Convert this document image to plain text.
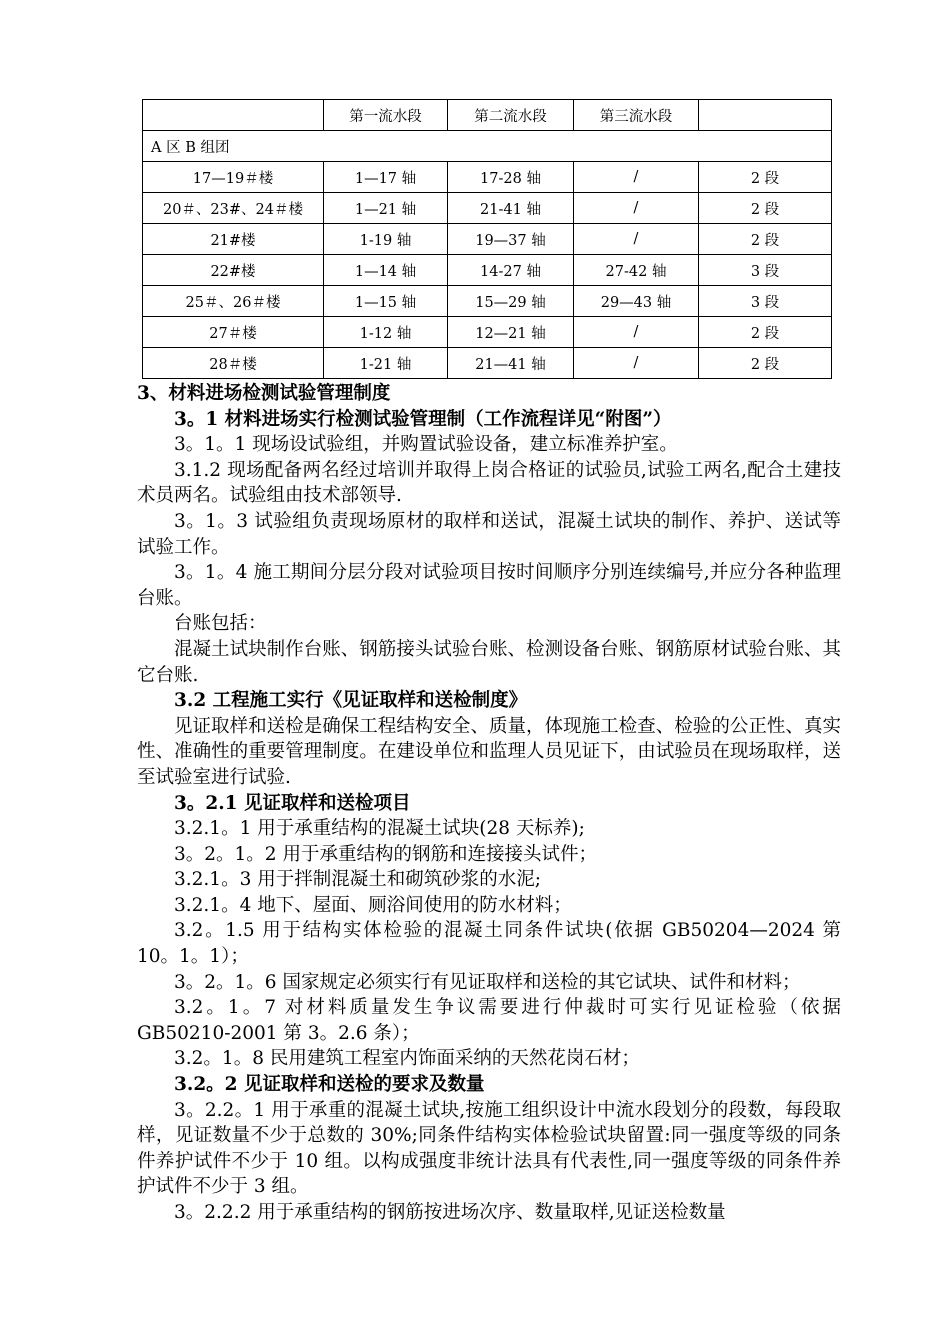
	第一流水段	第二流水段	第三流水段	
A 区 B 组团				
17—19＃楼	1—17 轴	17-28 轴	/	2 段
20＃、23#、24＃楼	1—21 轴	21-41 轴	/	2 段
21#楼	1-19 轴	19—37 轴	/	2 段
22#楼	1—14 轴	14-27 轴	27-42 轴	3 段
25＃、26＃楼	1—15 轴	15—29 轴	29—43 轴	3 段
27＃楼	1-12 轴	12—21 轴	/	2 段
28＃楼	1-21 轴	21—41 轴	/	2 段

3、材料进场检测试验管理制度

3。1 材料进场实行检测试验管理制（工作流程详见“附图”）

3。1。1 现场设试验组，并购置试验设备，建立标准养护室。

3.1.2 现场配备两名经过培训并取得上岗合格证的试验员,试验工两名,配合土建技术员两名。试验组由技术部领导.

3。1。3 试验组负责现场原材的取样和送试，混凝土试块的制作、养护、送试等试验工作。

3。1。4 施工期间分层分段对试验项目按时间顺序分别连续编号,并应分各种监理台账。

台账包括：

混凝土试块制作台账、钢筋接头试验台账、检测设备台账、钢筋原材试验台账、其它台账.

3.2 工程施工实行《见证取样和送检制度》

见证取样和送检是确保工程结构安全、质量，体现施工检查、检验的公正性、真实性、准确性的重要管理制度。在建设单位和监理人员见证下，由试验员在现场取样，送至试验室进行试验.

3。2.1 见证取样和送检项目

3.2.1。1 用于承重结构的混凝土试块(28 天标养);

3。2。1。2 用于承重结构的钢筋和连接接头试件；

3.2.1。3 用于拌制混凝土和砌筑砂浆的水泥;

3.2.1。4 地下、屋面、厕浴间使用的防水材料；

3.2。1.5 用于结构实体检验的混凝土同条件试块(依据 GB50204—2024 第 10。1。1）；

3。2。1。6 国家规定必须实行有见证取样和送检的其它试块、试件和材料；

3.2。1。7 对材料质量发生争议需要进行仲裁时可实行见证检验（依据 GB50210-2001 第 3。2.6 条）；

3.2。1。8 民用建筑工程室内饰面采纳的天然花岗石材；

3.2。2 见证取样和送检的要求及数量

3。2.2。1 用于承重的混凝土试块,按施工组织设计中流水段划分的段数，每段取样，见证数量不少于总数的 30%;同条件结构实体检验试块留置:同一强度等级的同条件养护试件不少于 10 组。以构成强度非统计法具有代表性,同一强度等级的同条件养护试件不少于 3 组。

3。2.2.2 用于承重结构的钢筋按进场次序、数量取样,见证送检数量
